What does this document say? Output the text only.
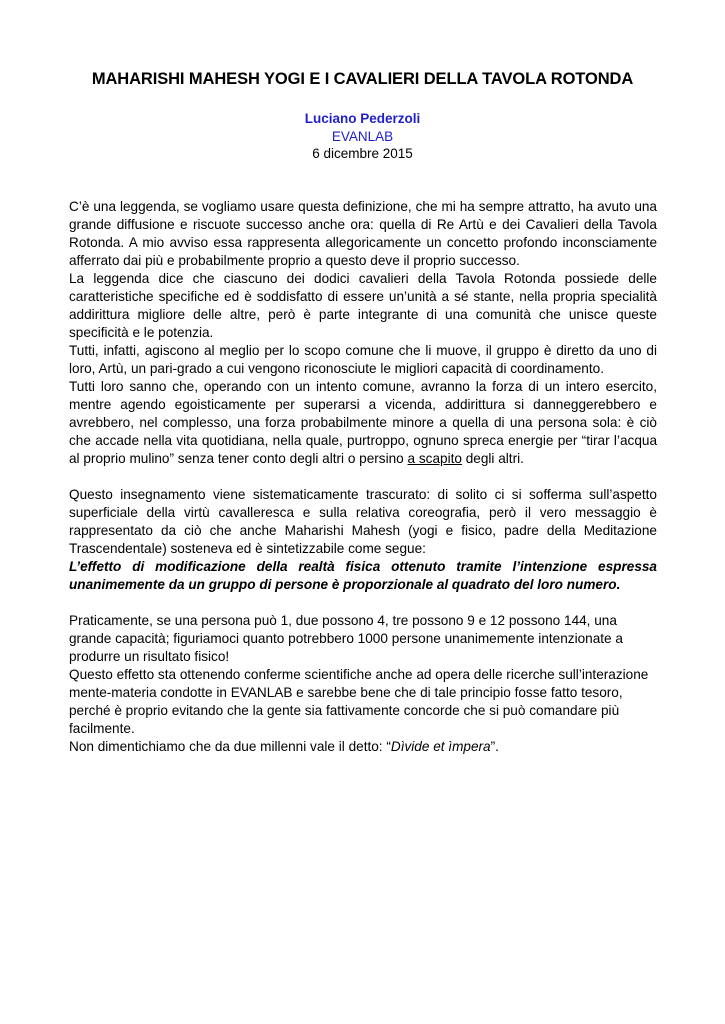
MAHARISHI MAHESH YOGI E I CAVALIERI DELLA TAVOLA ROTONDA
Luciano Pederzoli
EVANLAB
6 dicembre 2015

C’è una leggenda, se vogliamo usare questa definizione, che mi ha sempre attratto, ha avuto una grande diffusione e riscuote successo anche ora: quella di Re Artù e dei Cavalieri della Tavola Rotonda. A mio avviso essa rappresenta allegoricamente un concetto profondo inconsciamente afferrato dai più e probabilmente proprio a questo deve il proprio successo.

La leggenda dice che ciascuno dei dodici cavalieri della Tavola Rotonda possiede delle caratteristiche specifiche ed è soddisfatto di essere un’unità a sé stante, nella propria specialità addirittura migliore delle altre, però è parte integrante di una comunità che unisce queste specificità e le potenzia.

Tutti, infatti, agiscono al meglio per lo scopo comune che li muove, il gruppo è diretto da uno di loro, Artù, un pari-grado a cui vengono riconosciute le migliori capacità di coordinamento.

Tutti loro sanno che, operando con un intento comune, avranno la forza di un intero esercito, mentre agendo egoisticamente per superarsi a vicenda, addirittura si danneggerebbero e avrebbero, nel complesso, una forza probabilmente minore a quella di una persona sola: è ciò che accade nella vita quotidiana, nella quale, purtroppo, ognuno spreca energie per “tirar l’acqua al proprio mulino” senza tener conto degli altri o persino a scapito degli altri.

Questo insegnamento viene sistematicamente trascurato: di solito ci si sofferma sull’aspetto superficiale della virtù cavalleresca e sulla relativa coreografia, però il vero messaggio è rappresentato da ciò che anche Maharishi Mahesh (yogi e fisico, padre della Meditazione Trascendentale) sosteneva ed è sintetizzabile come segue:

L’effetto di modificazione della realtà fisica ottenuto tramite l’intenzione espressa unanimemente da un gruppo di persone è proporzionale al quadrato del loro numero.

Praticamente, se una persona può 1, due possono 4, tre possono 9 e 12 possono 144, una grande capacità; figuriamoci quanto potrebbero 1000 persone unanimemente intenzionate a produrre un risultato fisico!

Questo effetto sta ottenendo conferme scientifiche anche ad opera delle ricerche sull’interazione mente-materia condotte in EVANLAB e sarebbe bene che di tale principio fosse fatto tesoro, perché è proprio evitando che la gente sia fattivamente concorde che si può comandare più facilmente.

Non dimentichiamo che da due millenni vale il detto: “Dìvide et ìmpera”.
